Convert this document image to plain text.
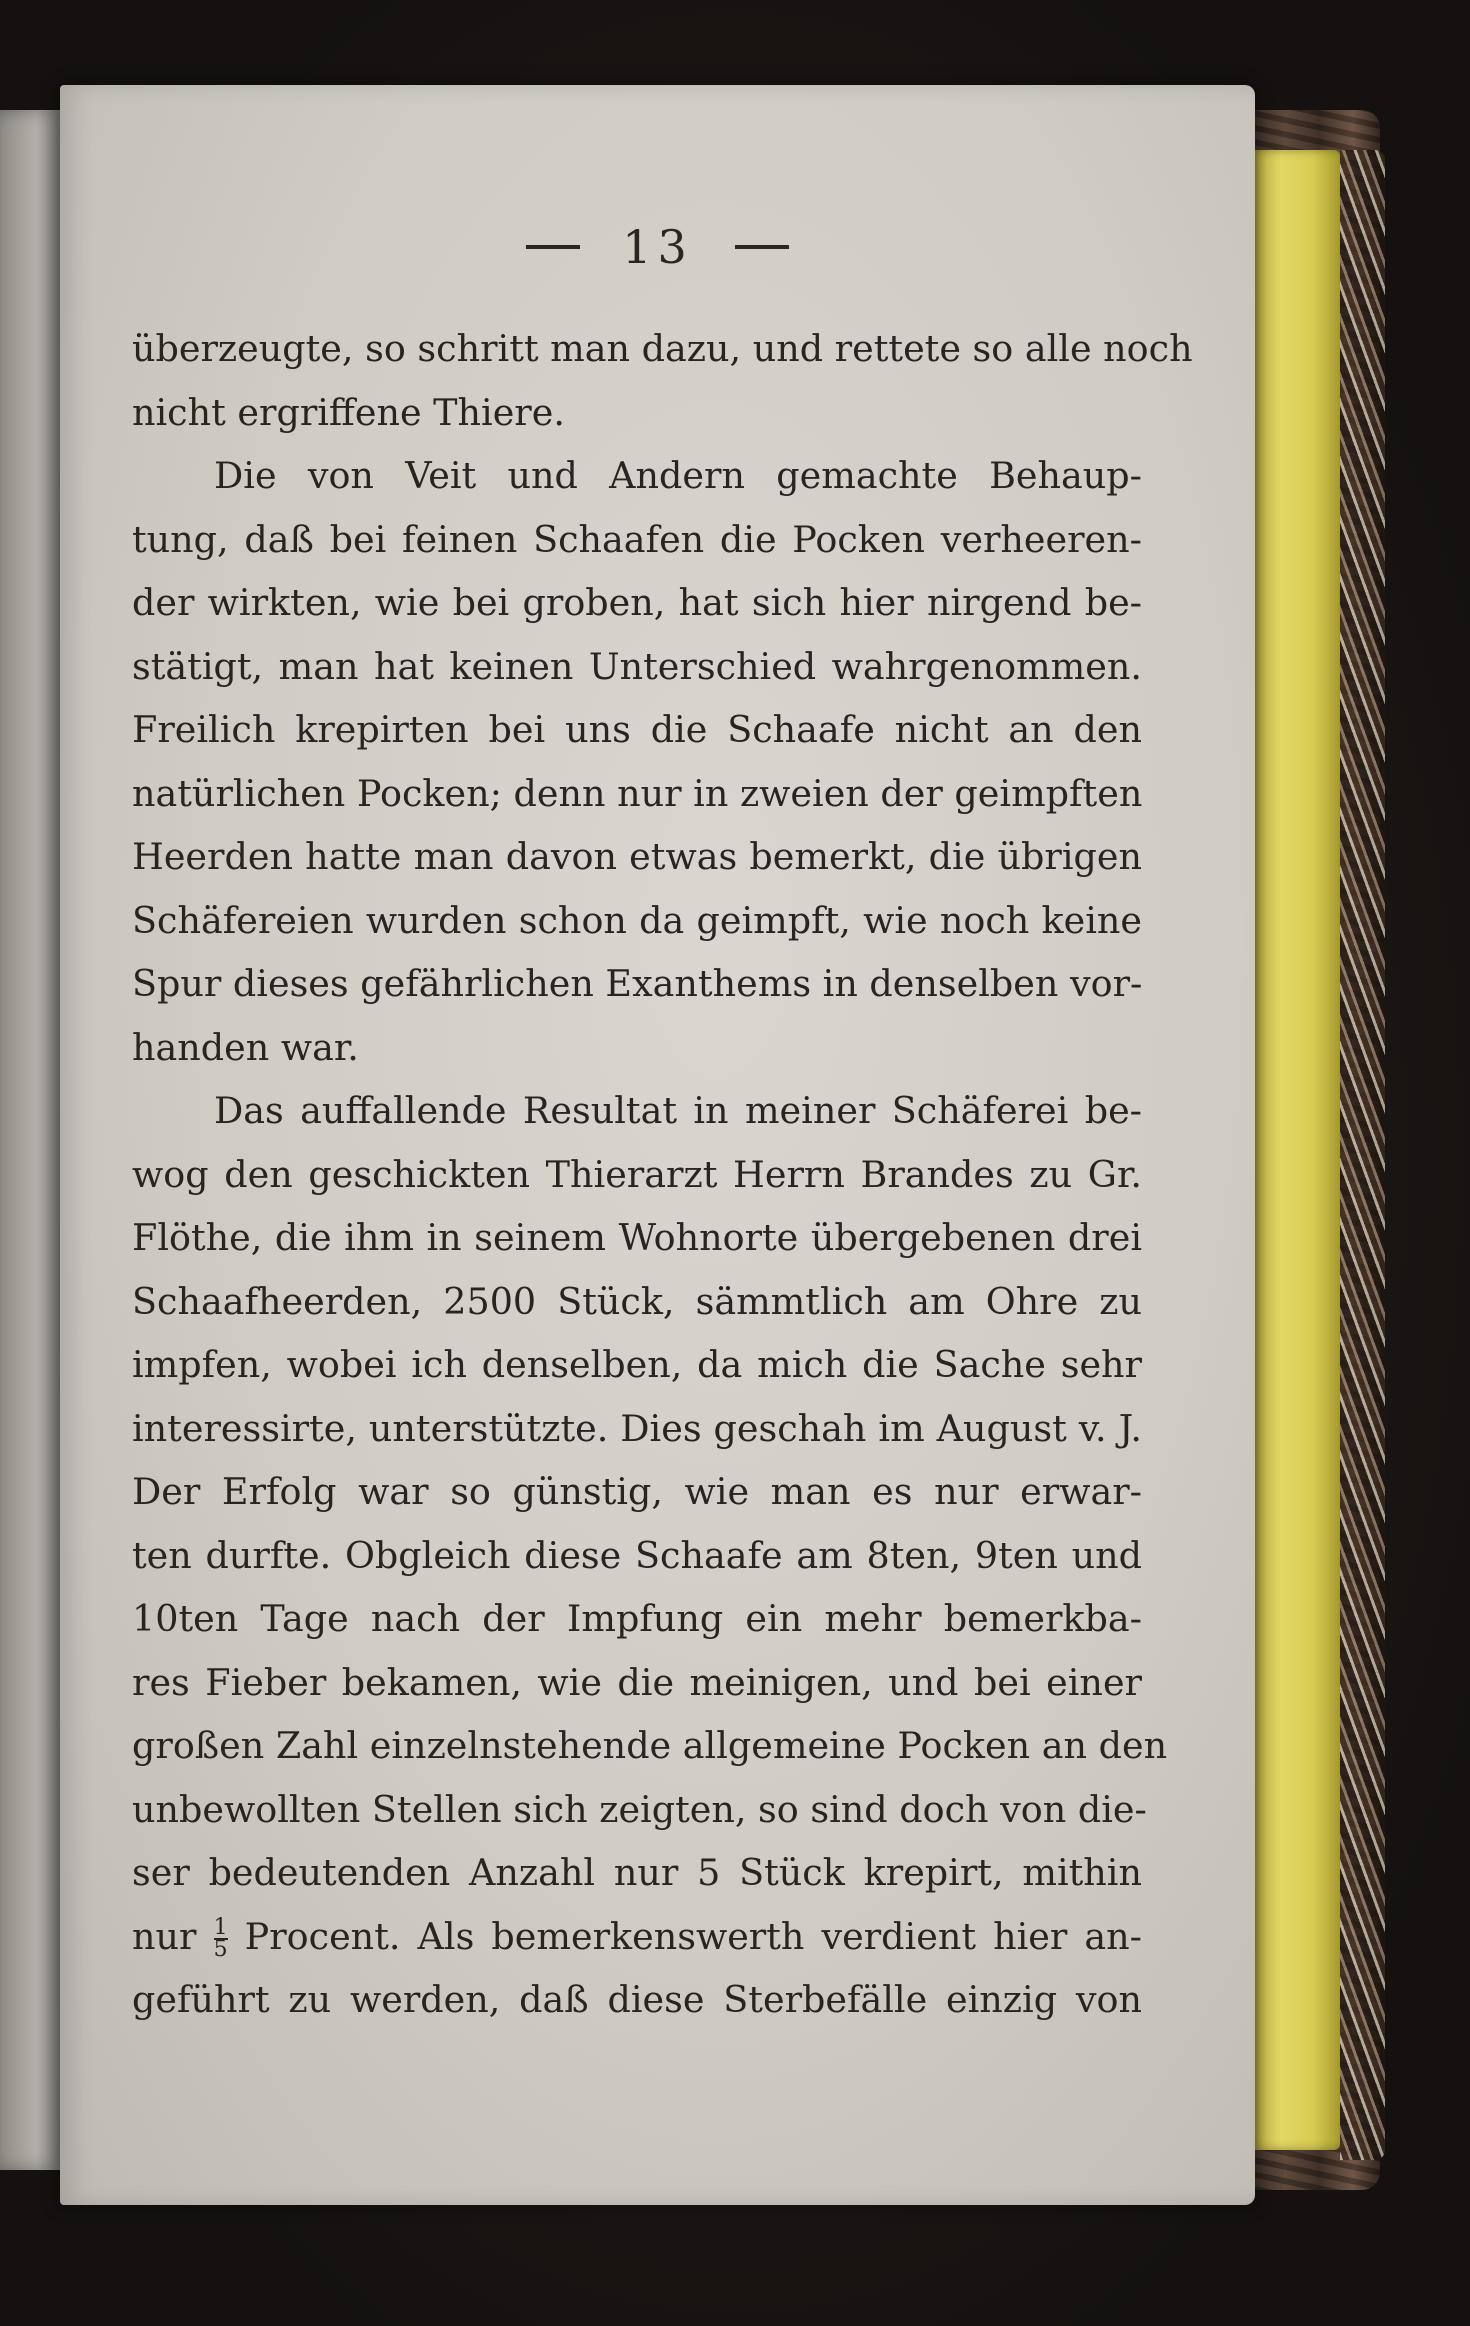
13
überzeugte, so schritt man dazu, und rettete so alle noch
nicht ergriffene Thiere.
Die von Veit und Andern gemachte Behaup-
tung, daß bei feinen Schaafen die Pocken verheeren-
der wirkten, wie bei groben, hat sich hier nirgend be-
stätigt, man hat keinen Unterschied wahrgenommen.
Freilich krepirten bei uns die Schaafe nicht an den
natürlichen Pocken; denn nur in zweien der geimpften
Heerden hatte man davon etwas bemerkt, die übrigen
Schäfereien wurden schon da geimpft, wie noch keine
Spur dieses gefährlichen Exanthems in denselben vor-
handen war.
Das auffallende Resultat in meiner Schäferei be-
wog den geschickten Thierarzt Herrn Brandes zu Gr.
Flöthe, die ihm in seinem Wohnorte übergebenen drei
Schaafheerden, 2500 Stück, sämmtlich am Ohre zu
impfen, wobei ich denselben, da mich die Sache sehr
interessirte, unterstützte. Dies geschah im August v. J.
Der Erfolg war so günstig, wie man es nur erwar-
ten durfte. Obgleich diese Schaafe am 8ten, 9ten und
10ten Tage nach der Impfung ein mehr bemerkba-
res Fieber bekamen, wie die meinigen, und bei einer
großen Zahl einzelnstehende allgemeine Pocken an den
unbewollten Stellen sich zeigten, so sind doch von die-
ser bedeutenden Anzahl nur 5 Stück krepirt, mithin
nur $\frac{1}{5}$ Procent. Als bemerkenswerth verdient hier an-
geführt zu werden, daß diese Sterbefälle einzig von
